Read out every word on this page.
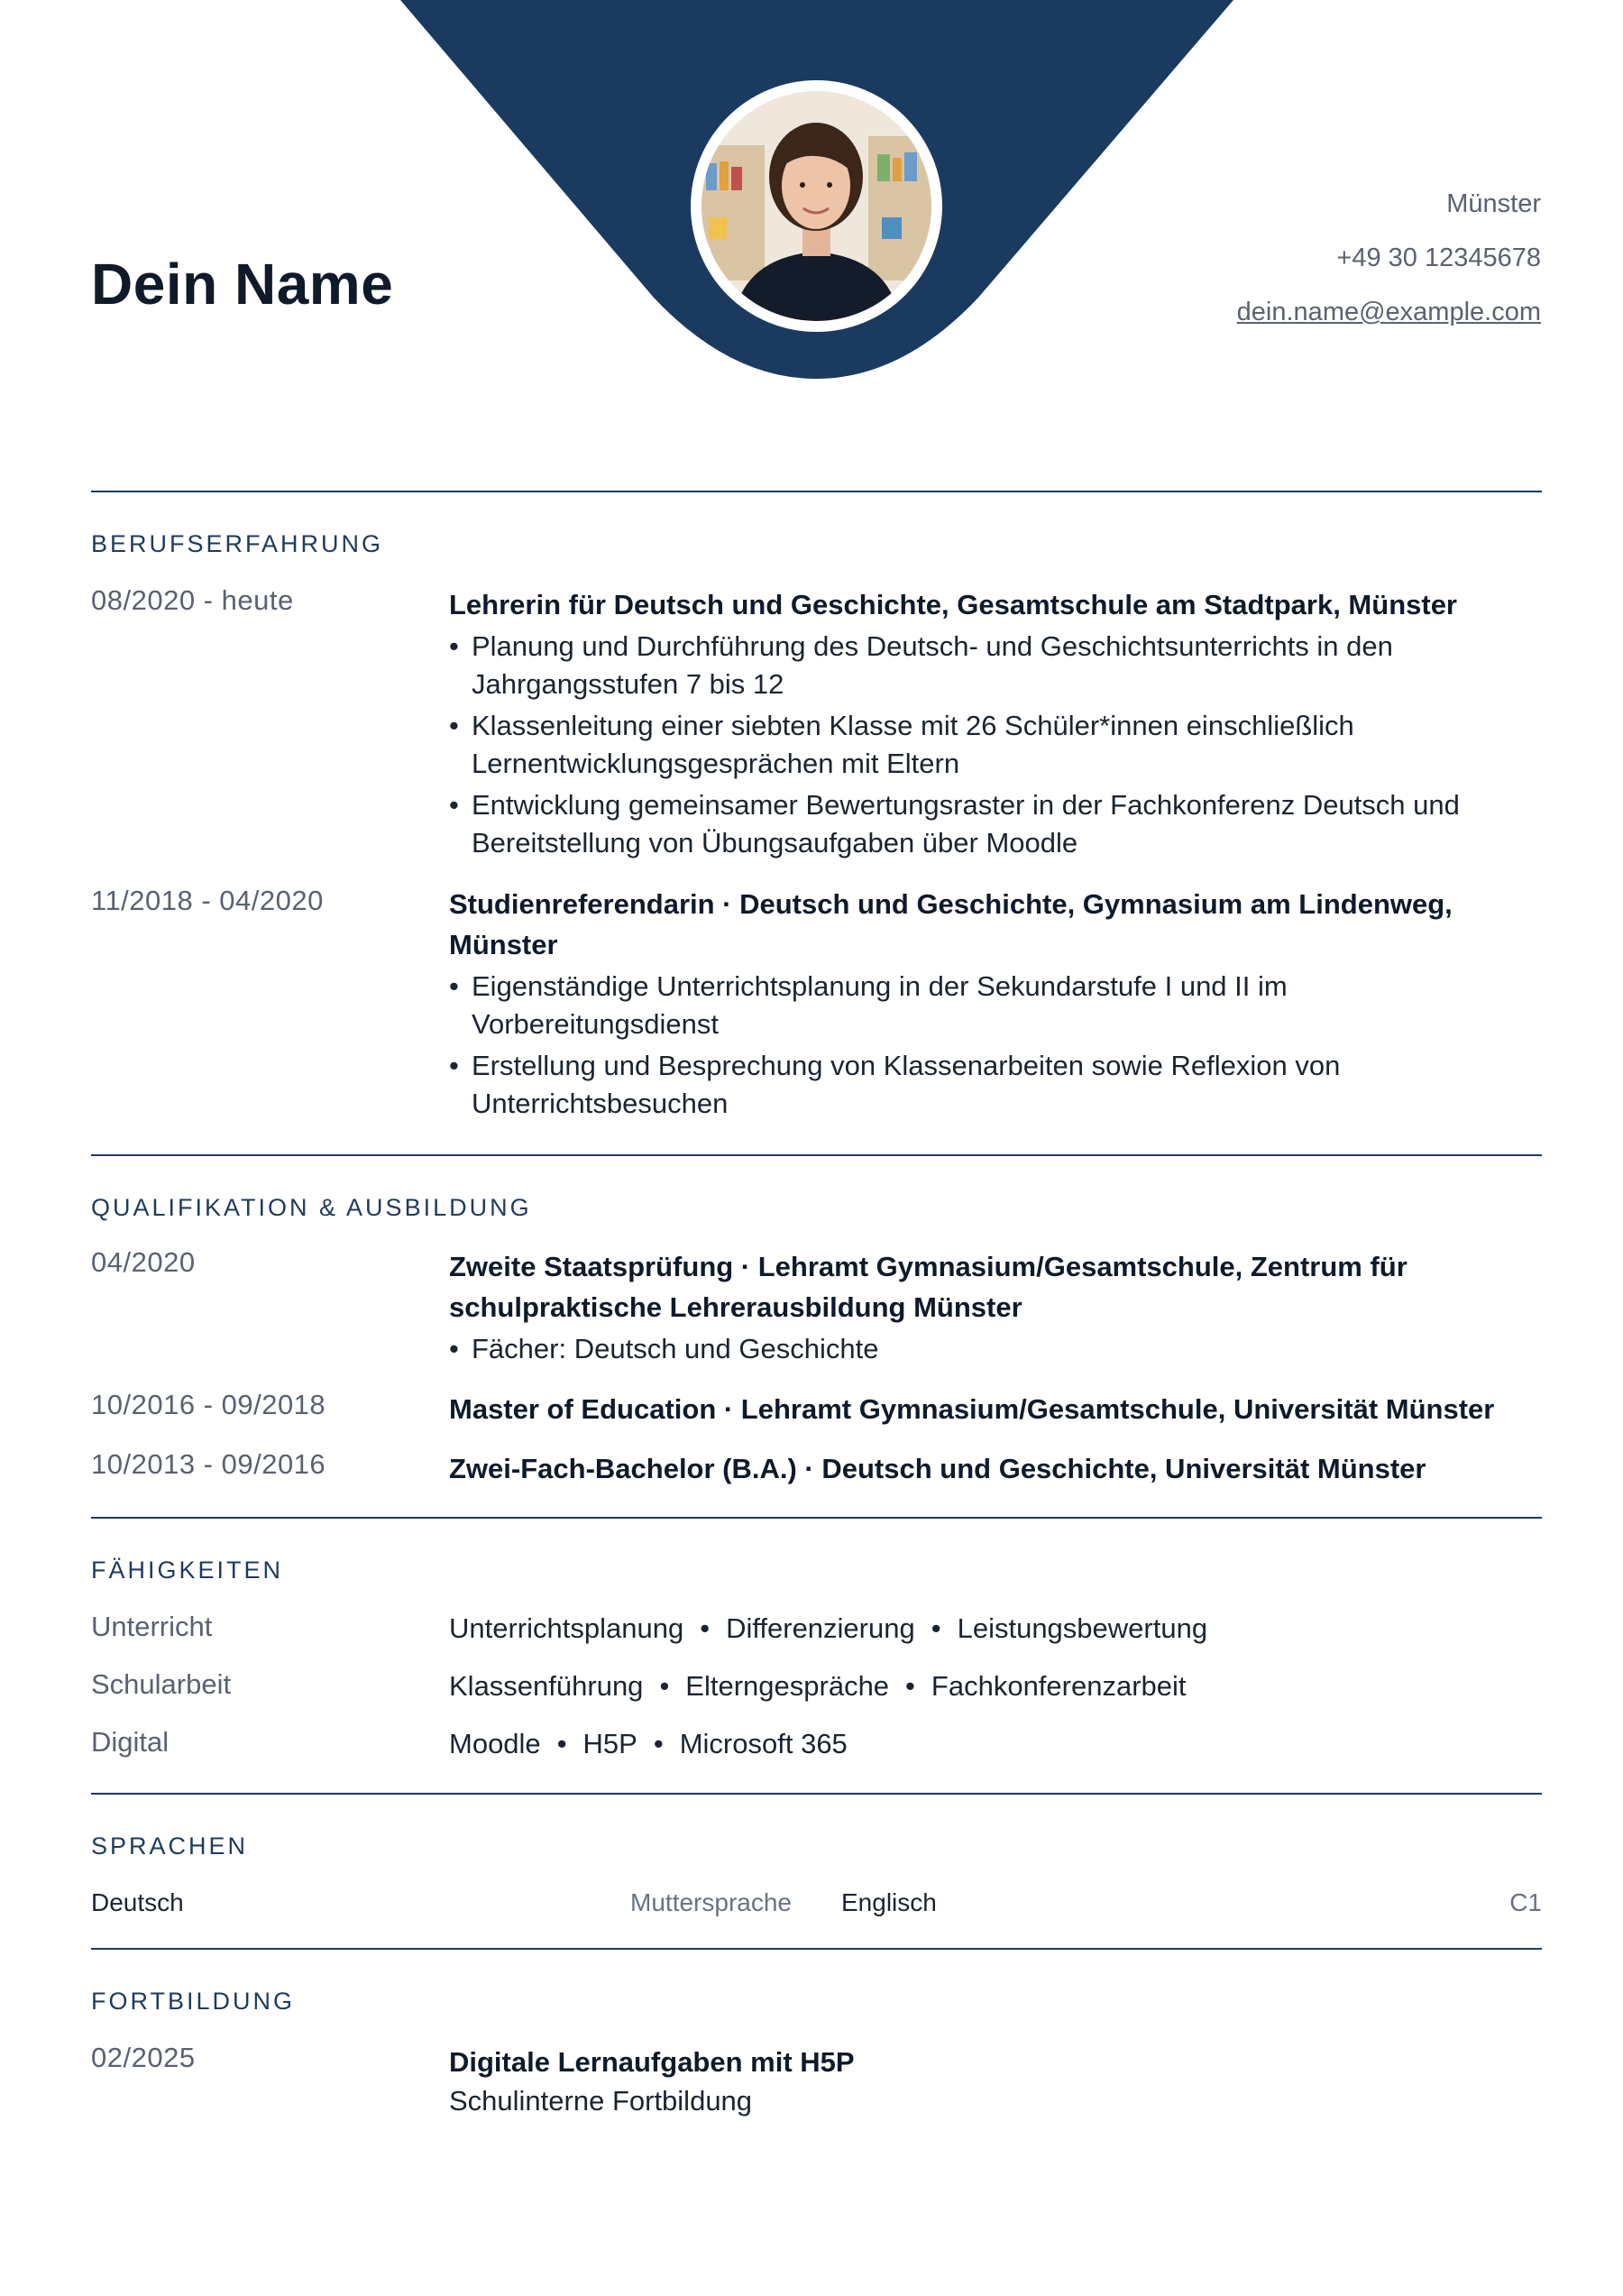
Dein Name
Münster
+49 30 12345678
dein.name@example.com
BERUFSERFAHRUNG
08/2020 - heute	Lehrerin für Deutsch und Geschichte, Gesamtschule am Stadtpark, Münster
• Planung und Durchführung des Deutsch- und Geschichtsunterrichts in den Jahrgangsstufen 7 bis 12
• Klassenleitung einer siebten Klasse mit 26 Schüler*innen einschließlich Lernentwicklungsgesprächen mit Eltern
• Entwicklung gemeinsamer Bewertungsraster in der Fachkonferenz Deutsch und Bereitstellung von Übungsaufgaben über Moodle
11/2018 - 04/2020	Studienreferendarin · Deutsch und Geschichte, Gymnasium am Lindenweg, Münster
• Eigenständige Unterrichtsplanung in der Sekundarstufe I und II im Vorbereitungsdienst
• Erstellung und Besprechung von Klassenarbeiten sowie Reflexion von Unterrichtsbesuchen
QUALIFIKATION & AUSBILDUNG
04/2020	Zweite Staatsprüfung · Lehramt Gymnasium/Gesamtschule, Zentrum für schulpraktische Lehrerausbildung Münster
• Fächer: Deutsch und Geschichte
10/2016 - 09/2018	Master of Education · Lehramt Gymnasium/Gesamtschule, Universität Münster
10/2013 - 09/2016	Zwei-Fach-Bachelor (B.A.) · Deutsch und Geschichte, Universität Münster
FÄHIGKEITEN
Unterricht	Unterrichtsplanung • Differenzierung • Leistungsbewertung
Schularbeit	Klassenführung • Elterngespräche • Fachkonferenzarbeit
Digital	Moodle • H5P • Microsoft 365
SPRACHEN
Deutsch	Muttersprache Englisch	C1
FORTBILDUNG
02/2025	Digitale Lernaufgaben mit H5P
Schulinterne Fortbildung
